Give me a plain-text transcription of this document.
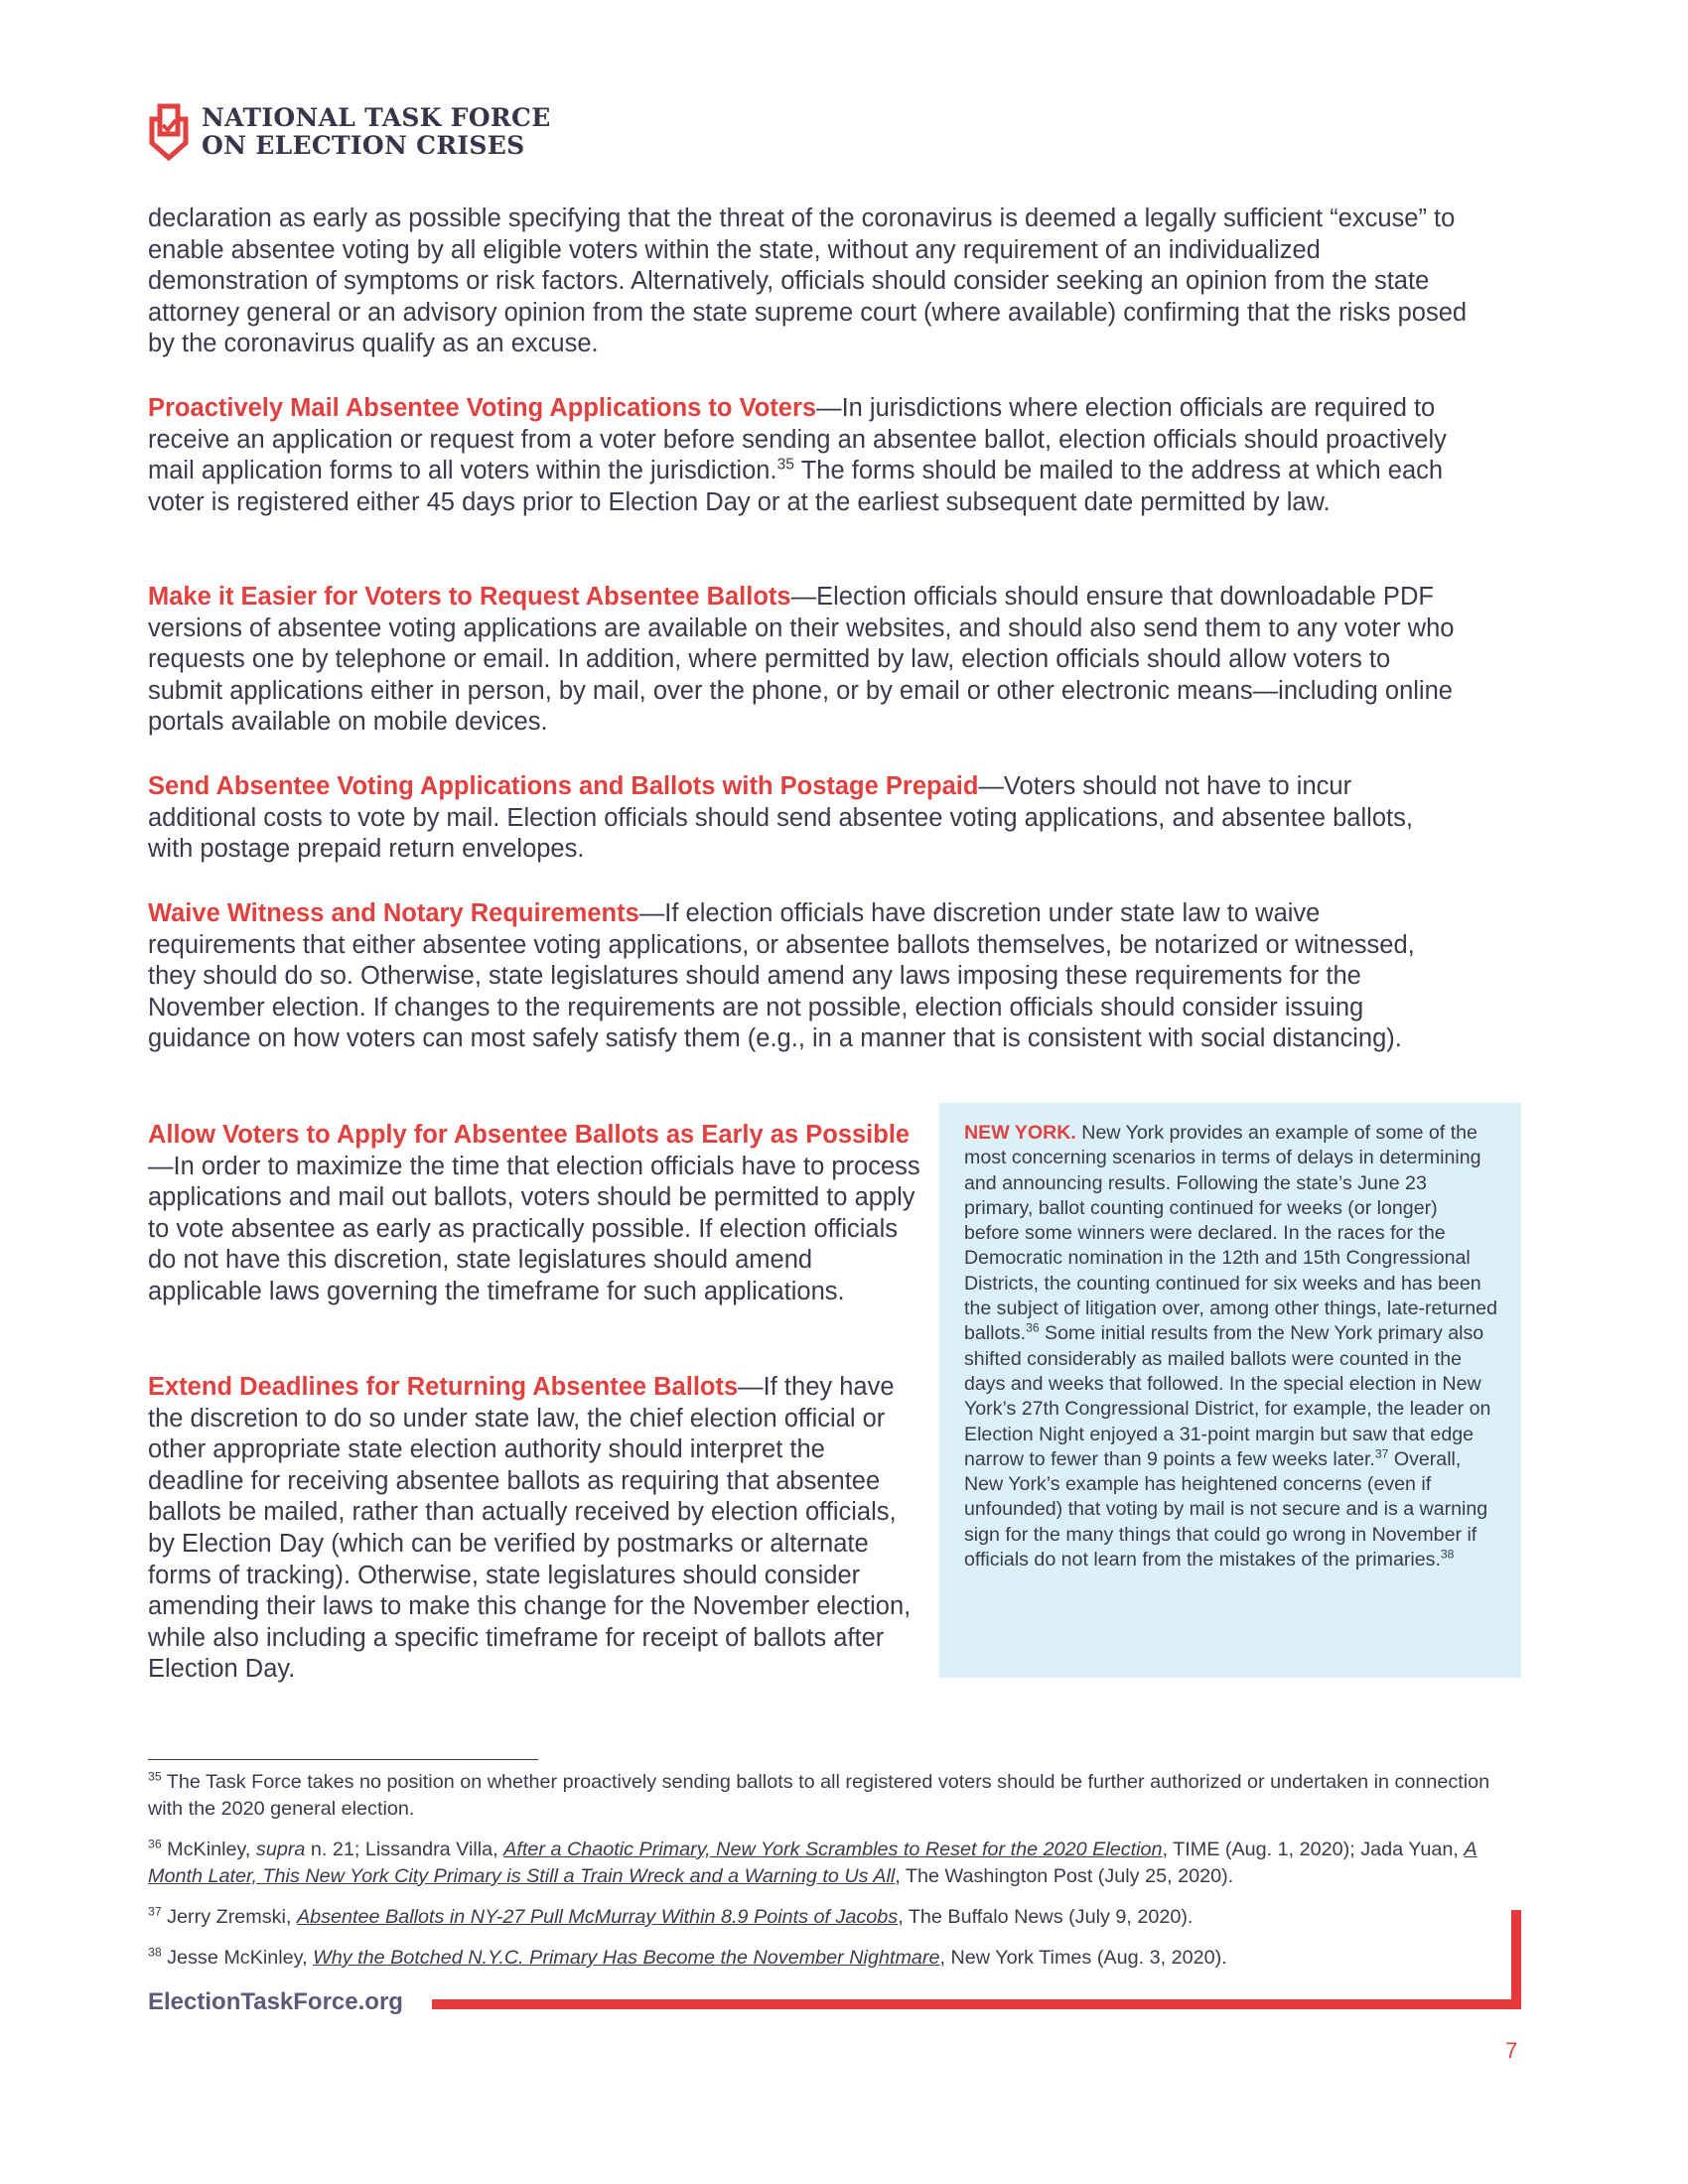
NATIONAL TASK FORCE
ON ELECTION CRISES
declaration as early as possible specifying that the threat of the coronavirus is deemed a legally sufficient “excuse” to enable absentee voting by all eligible voters within the state, without any requirement of an individualized demonstration of symptoms or risk factors. Alternatively, officials should consider seeking an opinion from the state attorney general or an advisory opinion from the state supreme court (where available) confirming that the risks posed by the coronavirus qualify as an excuse.
Proactively Mail Absentee Voting Applications to Voters—In jurisdictions where election officials are required to receive an application or request from a voter before sending an absentee ballot, election officials should proactively mail application forms to all voters within the jurisdiction.$^{35}$ The forms should be mailed to the address at which each voter is registered either 45 days prior to Election Day or at the earliest subsequent date permitted by law.
Make it Easier for Voters to Request Absentee Ballots—Election officials should ensure that downloadable PDF versions of absentee voting applications are available on their websites, and should also send them to any voter who requests one by telephone or email. In addition, where permitted by law, election officials should allow voters to submit applications either in person, by mail, over the phone, or by email or other electronic means—including online portals available on mobile devices.
Send Absentee Voting Applications and Ballots with Postage Prepaid—Voters should not have to incur additional costs to vote by mail. Election officials should send absentee voting applications, and absentee ballots, with postage prepaid return envelopes.
Waive Witness and Notary Requirements—If election officials have discretion under state law to waive requirements that either absentee voting applications, or absentee ballots themselves, be notarized or witnessed, they should do so. Otherwise, state legislatures should amend any laws imposing these requirements for the November election. If changes to the requirements are not possible, election officials should consider issuing guidance on how voters can most safely satisfy them (e.g., in a manner that is consistent with social distancing).
Allow Voters to Apply for Absentee Ballots as Early as Possible—In order to maximize the time that election officials have to process applications and mail out ballots, voters should be permitted to apply to vote absentee as early as practically possible. If election officials do not have this discretion, state legislatures should amend applicable laws governing the timeframe for such applications.
Extend Deadlines for Returning Absentee Ballots—If they have the discretion to do so under state law, the chief election official or other appropriate state election authority should interpret the deadline for receiving absentee ballots as requiring that absentee ballots be mailed, rather than actually received by election officials, by Election Day (which can be verified by postmarks or alternate forms of tracking). Otherwise, state legislatures should consider amending their laws to make this change for the November election, while also including a specific timeframe for receipt of ballots after Election Day.
NEW YORK. New York provides an example of some of the most concerning scenarios in terms of delays in determining and announcing results. Following the state’s June 23 primary, ballot counting continued for weeks (or longer) before some winners were declared. In the races for the Democratic nomination in the 12th and 15th Congressional Districts, the counting continued for six weeks and has been the subject of litigation over, among other things, late-returned ballots.$^{36}$ Some initial results from the New York primary also shifted considerably as mailed ballots were counted in the days and weeks that followed. In the special election in New York’s 27th Congressional District, for example, the leader on Election Night enjoyed a 31-point margin but saw that edge narrow to fewer than 9 points a few weeks later.$^{37}$ Overall, New York’s example has heightened concerns (even if unfounded) that voting by mail is not secure and is a warning sign for the many things that could go wrong in November if officials do not learn from the mistakes of the primaries.$^{38}$
$^{35}$ The Task Force takes no position on whether proactively sending ballots to all registered voters should be further authorized or undertaken in connection with the 2020 general election.
$^{36}$ McKinley, supra n. 21; Lissandra Villa, After a Chaotic Primary, New York Scrambles to Reset for the 2020 Election, TIME (Aug. 1, 2020); Jada Yuan, A Month Later, This New York City Primary is Still a Train Wreck and a Warning to Us All, The Washington Post (July 25, 2020).
$^{37}$ Jerry Zremski, Absentee Ballots in NY-27 Pull McMurray Within 8.9 Points of Jacobs, The Buffalo News (July 9, 2020).
$^{38}$ Jesse McKinley, Why the Botched N.Y.C. Primary Has Become the November Nightmare, New York Times (Aug. 3, 2020).
ElectionTaskForce.org
7
